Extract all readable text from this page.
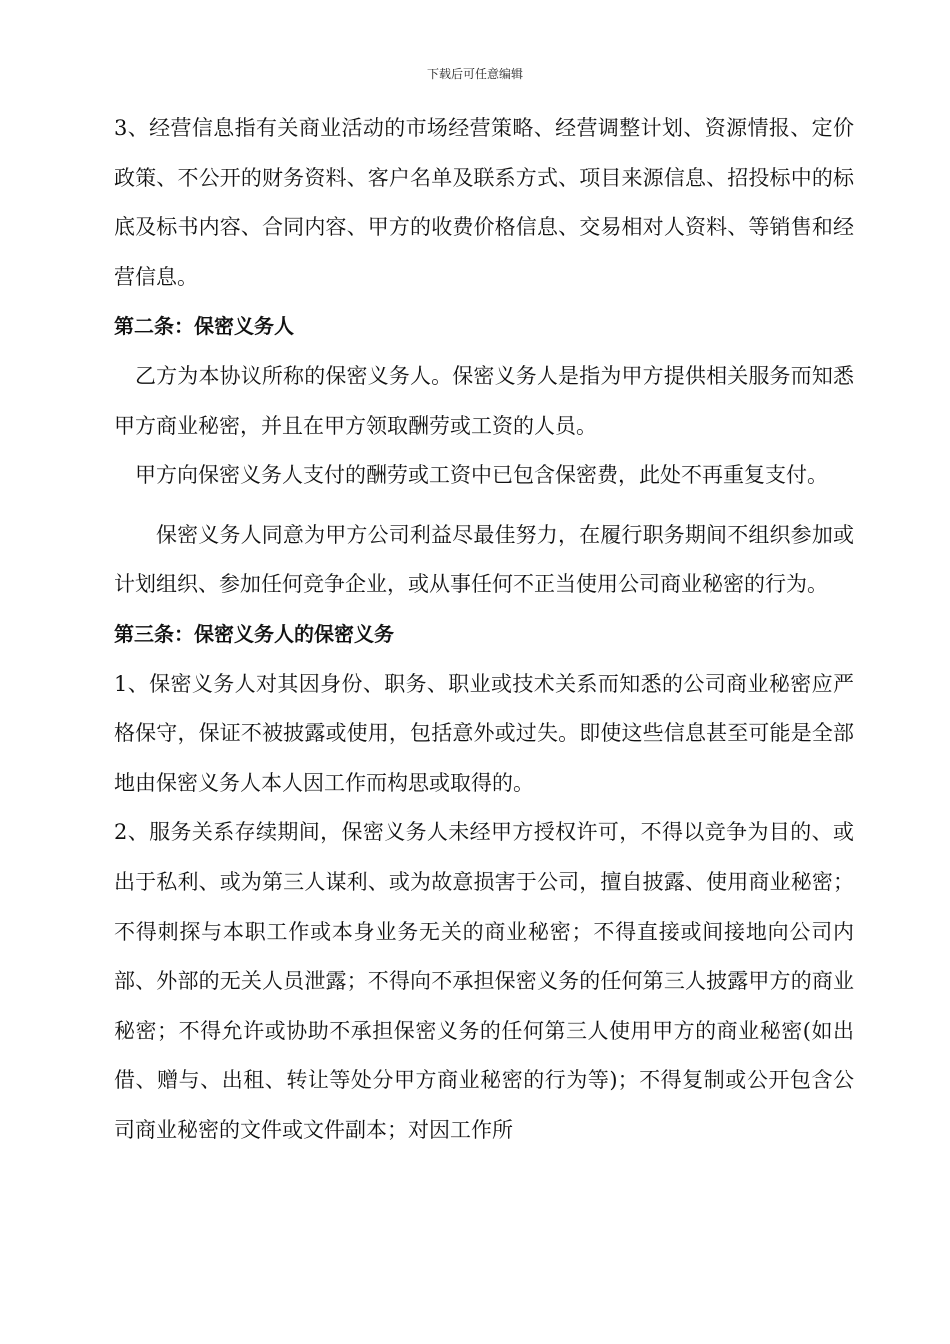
下载后可任意编辑

3、经营信息指有关商业活动的市场经营策略、经营调整计划、资源情报、定价政策、不公开的财务资料、客户名单及联系方式、项目来源信息、招投标中的标底及标书内容、合同内容、甲方的收费价格信息、交易相对人资料、等销售和经营信息。

第二条：保密义务人

乙方为本协议所称的保密义务人。保密义务人是指为甲方提供相关服务而知悉甲方商业秘密，并且在甲方领取酬劳或工资的人员。

甲方向保密义务人支付的酬劳或工资中已包含保密费，此处不再重复支付。

保密义务人同意为甲方公司利益尽最佳努力，在履行职务期间不组织参加或计划组织、参加任何竞争企业，或从事任何不正当使用公司商业秘密的行为。

第三条：保密义务人的保密义务

1、保密义务人对其因身份、职务、职业或技术关系而知悉的公司商业秘密应严格保守，保证不被披露或使用，包括意外或过失。即使这些信息甚至可能是全部地由保密义务人本人因工作而构思或取得的。

2、服务关系存续期间，保密义务人未经甲方授权许可，不得以竞争为目的、或出于私利、或为第三人谋利、或为故意损害于公司，擅自披露、使用商业秘密；不得刺探与本职工作或本身业务无关的商业秘密；不得直接或间接地向公司内部、外部的无关人员泄露；不得向不承担保密义务的任何第三人披露甲方的商业秘密；不得允许或协助不承担保密义务的任何第三人使用甲方的商业秘密(如出借、赠与、出租、转让等处分甲方商业秘密的行为等)；不得复制或公开包含公司商业秘密的文件或文件副本；对因工作所
